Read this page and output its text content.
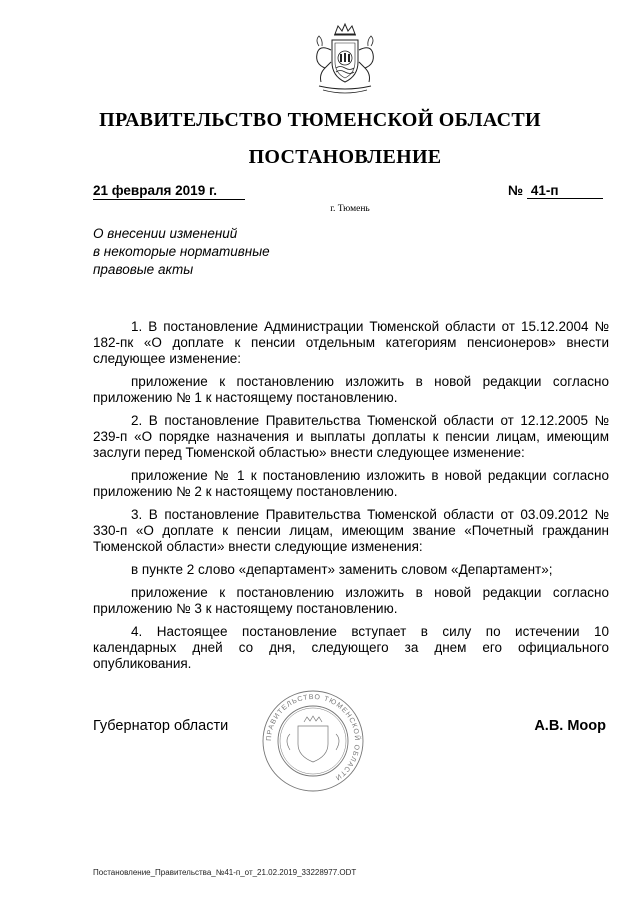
ПРАВИТЕЛЬСТВО ТЮМЕНСКОЙ ОБЛАСТИ
ПОСТАНОВЛЕНИЕ
21 февраля 2019 г.	№ 41-п
г. Тюмень
О внесении изменений
в некоторые нормативные
правовые акты

1. В постановление Администрации Тюменской области от 15.12.2004 № 182-пк «О доплате к пенсии отдельным категориям пенсионеров» внести следующее изменение:

приложение к постановлению изложить в новой редакции согласно приложению № 1 к настоящему постановлению.

2. В постановление Правительства Тюменской области от 12.12.2005 № 239-п «О порядке назначения и выплаты доплаты к пенсии лицам, имеющим заслуги перед Тюменской областью» внести следующее изменение:

приложение № 1 к постановлению изложить в новой редакции согласно приложению № 2 к настоящему постановлению.

3. В постановление Правительства Тюменской области от 03.09.2012 № 330-п «О доплате к пенсии лицам, имеющим звание «Почетный гражданин Тюменской области» внести следующие изменения:

в пункте 2 слово «департамент» заменить словом «Департамент»;

приложение к постановлению изложить в новой редакции согласно приложению № 3 к настоящему постановлению.

4. Настоящее постановление вступает в силу по истечении 10 календарных дней со дня, следующего за днем его официального опубликования.

ПРАВИТЕЛЬСТВО ТЮМЕНСКОЙ ОБЛАСТИ
Губернатор области	А.В. Моор
Постановление_Правительства_№41-п_от_21.02.2019_33228977.ODT
